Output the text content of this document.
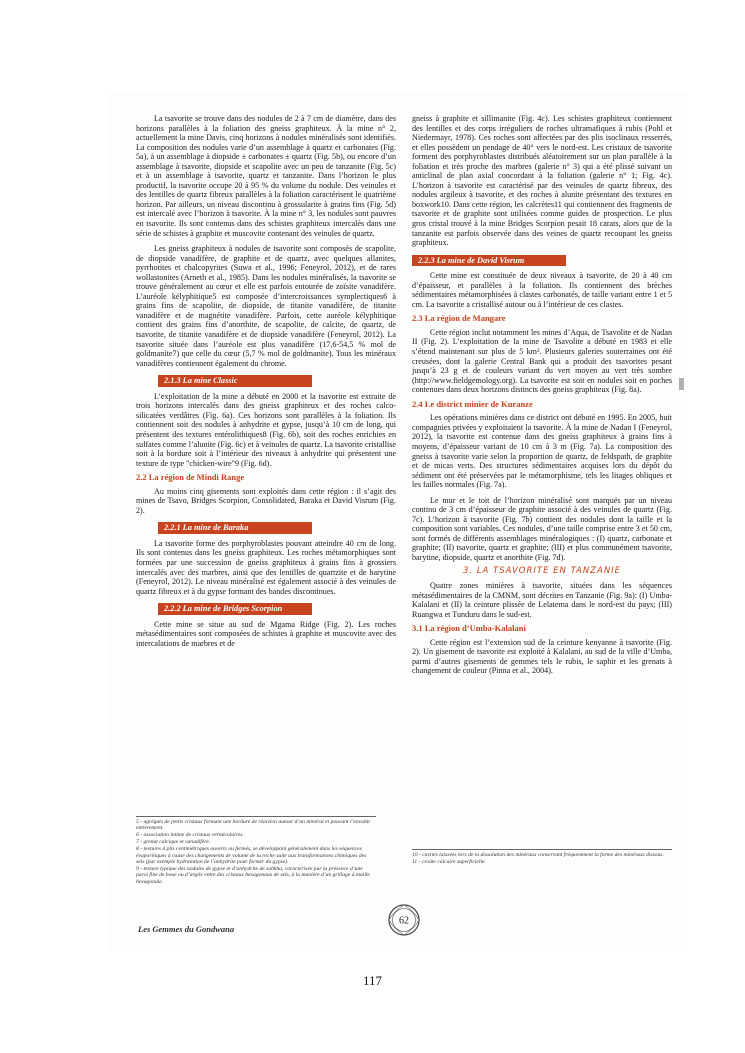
La tsavorite se trouve dans des nodules de 2 à 7 cm de diamètre, dans des horizons parallèles à la foliation des gneiss graphiteux. À la mine n° 2, actuellement la mine Davis, cinq horizons à nodules minéralisés sont identifiés. La composition des nodules varie d’un assemblage à quartz et carbonates (Fig. 5a), à un assemblage à diopside ± carbonates ± quartz (Fig. 5b), ou encore d’un assemblage à tsavorite, diopside et scapolite avec un peu de tanzanite (Fig. 5c) et à un assemblage à tsavorite, quartz et tanzanite. Dans l’horizon le plus productif, la tsavorite occupe 20 à 95 % du volume du nodule. Des veinules et des lentilles de quartz fibreux parallèles à la foliation caractérisent le quatrième horizon. Par ailleurs, un niveau discontinu à grossularite à grains fins (Fig. 5d) est intercalé avec l’horizon à tsavorite. À la mine n° 3, les nodules sont pauvres en tsavorite. Ils sont contenus dans des schistes graphiteux intercalés dans une série de schistes à graphite et muscovite contenant des veinules de quartz.

Les gneiss graphiteux à nodules de tsavorite sont composés de scapolite, de diopside vanadifère, de graphite et de quartz, avec quelques allanites, pyrrhotites et chalcopyrites (Suwa et al., 1996; Feneyrol, 2012), et de rares wollastonites (Arneth et al., 1985). Dans les nodules minéralisés, la tsavorite se trouve généralement au cœur et elle est parfois entourée de zoïsite vanadifère. L’auréole kélyphitique5 est composée d’intercroissances symplectiques6 à grains fins de scapolite, de diopside, de titanite vanadifère, de titanite vanadifère et de magnétite vanadifère. Parfois, cette auréole kélyphitique contient des grains fins d’anorthite, de scapolite, de calcite, de quartz, de tsavorite, de titanite vanadifère et de diopside vanadifère (Feneyrol, 2012). La tsavorite située dans l’auréole est plus vanadifère (17,6-54,5 % mol de goldmanite7) que celle du cœur (5,7 % mol de goldmanite). Tous les minéraux vanadifères contiennent également du chrome.

2.1.3 La mine Classic

L’exploitation de la mine a débuté en 2000 et la tsavorite est extraite de trois horizons intercalés dans des gneiss graphiteux et des roches calco-silicatées verdâtres (Fig. 6a). Ces horizons sont parallèles à la foliation. Ils contiennent soit des nodules à anhydrite et gypse, jusqu’à 10 cm de long, qui présentent des textures entérolithiques8 (Fig. 6b), soit des roches enrichies en sulfates comme l’alunite (Fig. 6c) et à veinules de quartz. La tsavorite cristallise soit à la bordure soit à l’intérieur des niveaux à anhydrite qui présentent une texture de type "chicken-wire"9 (Fig. 6d).

2.2 La région de Mindi Range

Au moins cinq gisements sont exploités dans cette région : il s’agit des mines de Tsavo, Bridges Scorpion, Consolidated, Baraka et David Visrum (Fig. 2).

2.2.1 La mine de Baraka

La tsavorite forme des porphyroblastes pouvant atteindre 40 cm de long. Ils sont contenus dans les gneiss graphiteux. Les roches métamorphiques sont formées par une succession de gneiss graphiteux à grains fins à grossiers intercalés avec des marbres, ainsi que des lentilles de quartzite et de barytine (Feneyrol, 2012). Le niveau minéralisé est également associé à des veinules de quartz fibreux et à du gypse formant des bandes discontinues.

2.2.2 La mine de Bridges Scorpion

Cette mine se situe au sud de Mgama Ridge (Fig. 2). Les roches métasédimentaires sont composées de schistes à graphite et muscovite avec des intercalations de marbres et de

gneiss à graphite et sillimanite (Fig. 4c). Les schistes graphiteux contiennent des lentilles et des corps irréguliers de roches ultramafiques à rubis (Pohl et Niedermayr, 1978). Ces roches sont affectées par des plis isoclinaux resserrés, et elles possèdent un pendage de 40° vers le nord-est. Les cristaux de tsavorite forment des porphyroblastes distribués aléatoirement sur un plan parallèle à la foliation et très proche des marbres (galerie n° 3) qui a été plissé suivant un anticlinal de plan axial concordant à la foliation (galerie n° 1; Fig. 4c). L’horizon à tsavorite est caractérisé par des veinules de quartz fibreux, des nodules argileux à tsavorite, et des roches à alunite présentant des textures en boxwork10. Dans cette région, les calcrètes11 qui contiennent des fragments de tsavorite et de graphite sont utilisées comme guides de prospection. Le plus gros cristal trouvé à la mine Bridges Scorpion pesait 18 carats, alors que de la tanzanite est parfois observée dans des veines de quartz recoupant les gneiss graphiteux.

2.2.3 La mine de David Visrum

Cette mine est constituée de deux niveaux à tsavorite, de 20 à 40 cm d’épaisseur, et parallèles à la foliation. Ils contiennent des brèches sédimentaires métamorphisées à clastes carbonatés, de taille variant entre 1 et 5 cm. La tsavorite a cristallisé autour ou à l’intérieur de ces clastes.

2.3 La région de Mangare

Cette région inclut notamment les mines d’Aqua, de Tsavolite et de Nadan II (Fig. 2). L’exploitation de la mine de Tsavolite a débuté en 1983 et elle s’étend maintenant sur plus de 5 km². Plusieurs galeries souterraines ont été creusées, dont la galerie Central Bank qui a produit des tsavorites pesant jusqu’à 23 g et de couleurs variant du vert moyen au vert très sombre (http://www.fieldgemology.org). La tsavorite est soit en nodules soit en poches contenues dans deux horizons distincts des gneiss graphiteux (Fig. 8a).

2.4 Le district minier de Kuranze

Les opérations minières dans ce district ont débuté en 1995. En 2005, huit compagnies privées y exploitaient la tsavorite. À la mine de Nadan I (Feneyrol, 2012), la tsavorite est contenue dans des gneiss graphiteux à grains fins à moyens, d’épaisseur variant de 10 cm à 3 m (Fig. 7a). La composition des gneiss à tsavorite varie selon la proportion de quartz, de feldspath, de graphite et de micas verts. Des structures sédimentaires acquises lors du dépôt du sédiment ont été préservées par le métamorphisme, tels les litages obliques et les failles normales (Fig. 7a).

Le mur et le toit de l’horizon minéralisé sont marqués par un niveau continu de 3 cm d’épaisseur de graphite associé à des veinules de quartz (Fig. 7c). L’horizon à tsavorite (Fig. 7b) contient des nodules dont la taille et la composition sont variables. Ces nodules, d’une taille comprise entre 3 et 50 cm, sont formés de différents assemblages minéralogiques : (I) quartz, carbonate et graphite; (II) tsavorite, quartz et graphite; (III) et plus communément tsavorite, barytine, diopside, quartz et anorthite (Fig. 7d).

3. LA TSAVORITE EN TANZANIE

Quatre zones minières à tsavorite, situées dans les séquences métasédimentaires de la CMNM, sont décrites en Tanzanie (Fig. 9a): (I) Umba-Kalalani et (II) la ceinture plissée de Lelatema dans le nord-est du pays; (III) Ruangwa et Tunduru dans le sud-est.

3.1 La région d’Umba-Kalalani

Cette région est l’extension sud de la ceinture kenyanne à tsavorite (Fig. 2). Un gisement de tsavorite est exploité à Kalalani, au sud de la ville d’Umba, parmi d’autres gisements de gemmes tels le rubis, le saphir et les grenats à changement de couleur (Pinna et al., 2004).

5 - agrégats de petits cristaux formant une bordure de réaction autour d’un minéral et pouvant l’envahir entièrement.
6 - association intime de cristaux vermiculaires.
7 - grenat calcique et vanadifère.
8 - textures à plis centimétriques ouverts ou fermés, se développant généralement dans les séquences évaporitiques à cause des changements de volume de la roche suite aux transformations chimiques des sels (par exemple hydratation de l’anhydrite pour former du gypse).
9 - texture typique des nodules de gypse et d’anhydrite de sabkha, caractérisée par la présence d’une paroi fine de boue ou d’argile entre des cristaux hexagonaux de sels, à la manière d’un grillage à maille hexagonale.
10 - cavités laissées lors de la dissolution des minéraux conservant fréquemment la forme des minéraux dissous.
11 - croûte calcaire superficielle.
Les Gemmes du Gondwana
62
117
